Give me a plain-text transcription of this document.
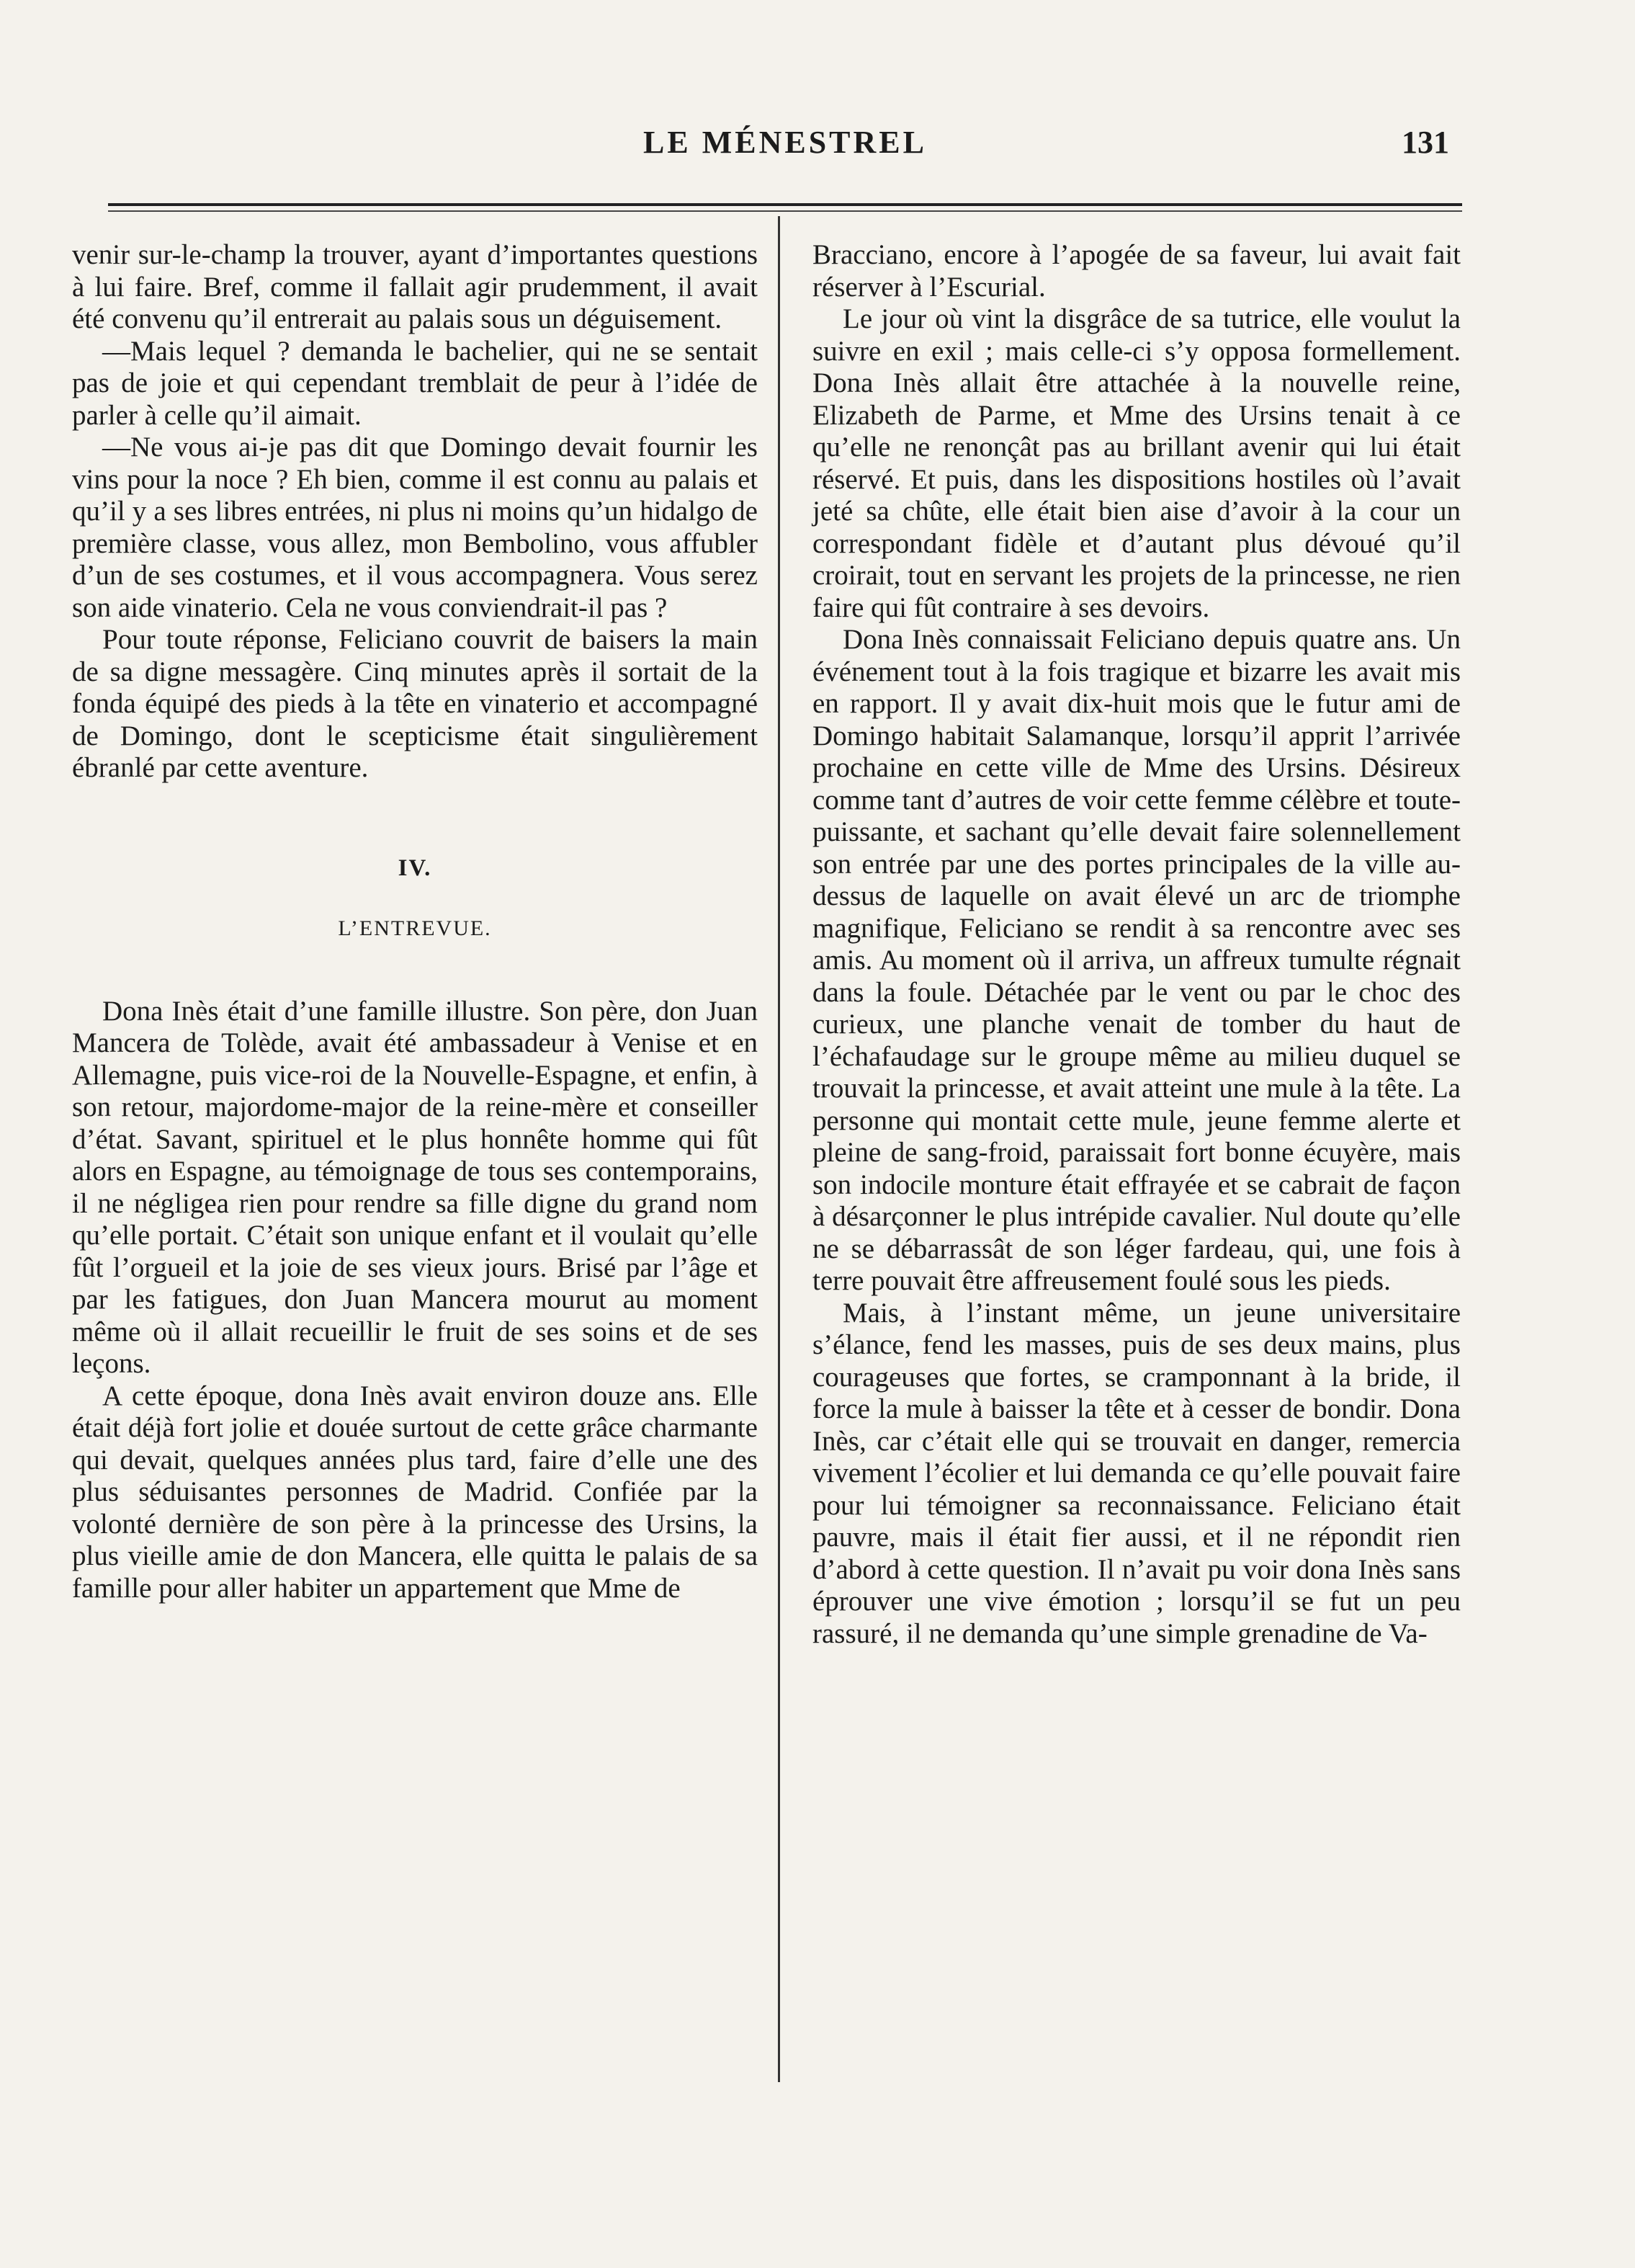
LE MÉNESTREL	131

venir sur-le-champ la trouver, ayant d’importantes questions à lui faire. Bref, comme il fallait agir prudemment, il avait été convenu qu’il entrerait au palais sous un déguisement.

—Mais lequel ? demanda le bachelier, qui ne se sentait pas de joie et qui cependant tremblait de peur à l’idée de parler à celle qu’il aimait.

—Ne vous ai-je pas dit que Domingo devait fournir les vins pour la noce ? Eh bien, comme il est connu au palais et qu’il y a ses libres entrées, ni plus ni moins qu’un hidalgo de première classe, vous allez, mon Bembolino, vous affubler d’un de ses costumes, et il vous accompagnera. Vous serez son aide vinaterio. Cela ne vous conviendrait-il pas ?

Pour toute réponse, Feliciano couvrit de baisers la main de sa digne messagère. Cinq minutes après il sortait de la fonda équipé des pieds à la tête en vinaterio et accompagné de Domingo, dont le scepticisme était singulièrement ébranlé par cette aventure.

IV.

L’ENTREVUE.

Dona Inès était d’une famille illustre. Son père, don Juan Mancera de Tolède, avait été ambassadeur à Venise et en Allemagne, puis vice-roi de la Nouvelle-Espagne, et enfin, à son retour, majordome-major de la reine-mère et conseiller d’état. Savant, spirituel et le plus honnête homme qui fût alors en Espagne, au témoignage de tous ses contemporains, il ne négligea rien pour rendre sa fille digne du grand nom qu’elle portait. C’était son unique enfant et il voulait qu’elle fût l’orgueil et la joie de ses vieux jours. Brisé par l’âge et par les fatigues, don Juan Mancera mourut au moment même où il allait recueillir le fruit de ses soins et de ses leçons.

A cette époque, dona Inès avait environ douze ans. Elle était déjà fort jolie et douée surtout de cette grâce charmante qui devait, quelques années plus tard, faire d’elle une des plus séduisantes personnes de Madrid. Confiée par la volonté dernière de son père à la princesse des Ursins, la plus vieille amie de don Mancera, elle quitta le palais de sa famille pour aller habiter un appartement que Mme de

Bracciano, encore à l’apogée de sa faveur, lui avait fait réserver à l’Escurial.

Le jour où vint la disgrâce de sa tutrice, elle voulut la suivre en exil ; mais celle-ci s’y opposa formellement. Dona Inès allait être attachée à la nouvelle reine, Elizabeth de Parme, et Mme des Ursins tenait à ce qu’elle ne renonçât pas au brillant avenir qui lui était réservé. Et puis, dans les dispositions hostiles où l’avait jeté sa chûte, elle était bien aise d’avoir à la cour un correspondant fidèle et d’autant plus dévoué qu’il croirait, tout en servant les projets de la princesse, ne rien faire qui fût contraire à ses devoirs.

Dona Inès connaissait Feliciano depuis quatre ans. Un événement tout à la fois tragique et bizarre les avait mis en rapport. Il y avait dix-huit mois que le futur ami de Domingo habitait Salamanque, lorsqu’il apprit l’arrivée prochaine en cette ville de Mme des Ursins. Désireux comme tant d’autres de voir cette femme célèbre et toute-puissante, et sachant qu’elle devait faire solennellement son entrée par une des portes principales de la ville au-dessus de laquelle on avait élevé un arc de triomphe magnifique, Feliciano se rendit à sa rencontre avec ses amis. Au moment où il arriva, un affreux tumulte régnait dans la foule. Détachée par le vent ou par le choc des curieux, une planche venait de tomber du haut de l’échafaudage sur le groupe même au milieu duquel se trouvait la princesse, et avait atteint une mule à la tête. La personne qui montait cette mule, jeune femme alerte et pleine de sang-froid, paraissait fort bonne écuyère, mais son indocile monture était effrayée et se cabrait de façon à désarçonner le plus intrépide cavalier. Nul doute qu’elle ne se débarrassât de son léger fardeau, qui, une fois à terre pouvait être affreusement foulé sous les pieds.

Mais, à l’instant même, un jeune universitaire s’élance, fend les masses, puis de ses deux mains, plus courageuses que fortes, se cramponnant à la bride, il force la mule à baisser la tête et à cesser de bondir. Dona Inès, car c’était elle qui se trouvait en danger, remercia vivement l’écolier et lui demanda ce qu’elle pouvait faire pour lui témoigner sa reconnaissance. Feliciano était pauvre, mais il était fier aussi, et il ne répondit rien d’abord à cette question. Il n’avait pu voir dona Inès sans éprouver une vive émotion ; lorsqu’il se fut un peu rassuré, il ne demanda qu’une simple grenadine de Va-
